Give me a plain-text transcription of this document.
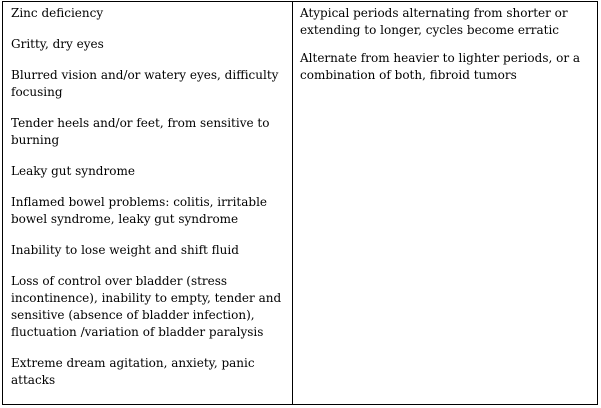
Zinc deficiency
Gritty, dry eyes
Blurred vision and/or watery eyes, difficulty focusing
Tender heels and/or feet, from sensitive to burning
Leaky gut syndrome
Inflamed bowel problems: colitis, irritable bowel syndrome, leaky gut syndrome
Inability to lose weight and shift fluid
Loss of control over bladder (stress incontinence), inability to empty, tender and sensitive (absence of bladder infection), fluctuation /variation of bladder paralysis
Extreme dream agitation, anxiety, panic attacks
Atypical periods alternating from shorter or extending to longer, cycles become erratic
Alternate from heavier to lighter periods, or a combination of both, fibroid tumors
